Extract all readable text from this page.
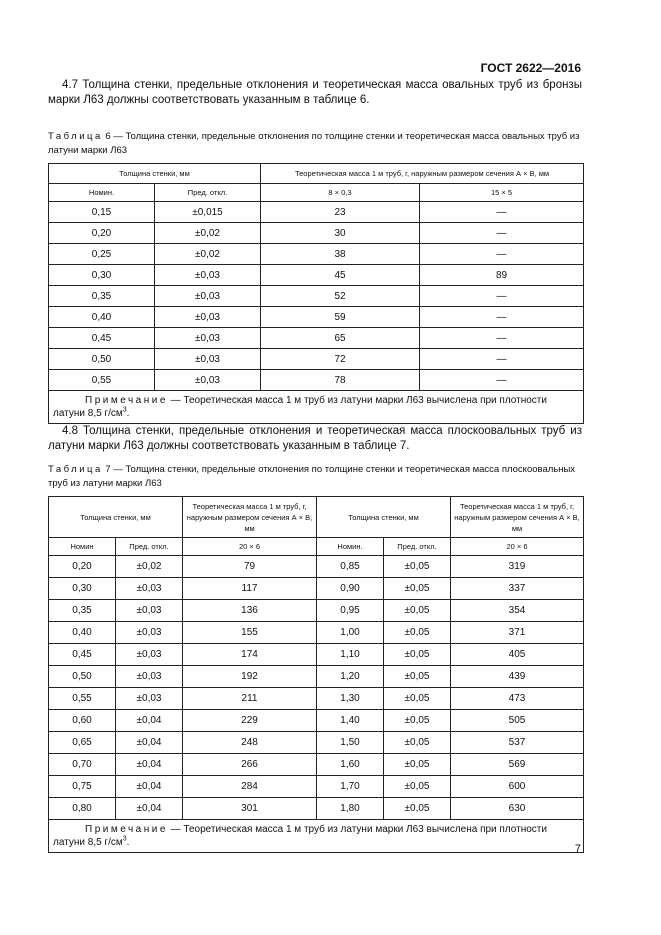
ГОСТ 2622—2016

4.7 Толщина стенки, предельные отклонения и теоретическая масса овальных труб из бронзы марки Л63 должны соответствовать указанным в таблице 6.

Таблица 6 — Толщина стенки, предельные отклонения по толщине стенки и теоретическая масса овальных труб из латуни марки Л63
Толщина стенки, мм		Теоретическая масса 1 м труб, г, наружным размером сечения А × В, мм	
Номин.	Пред. откл.	8 × 0,3	15 × 5
0,15	±0,015	23	—
0,20	±0,02	30	—
0,25	±0,02	38	—
0,30	±0,03	45	89
0,35	±0,03	52	—
0,40	±0,03	59	—
0,45	±0,03	65	—
0,50	±0,03	72	—
0,55	±0,03	78	—
Примечание — Теоретическая масса 1 м труб из латуни марки Л63 вычислена при плотности латуни 8,5 $г/см^3$.			

4.8 Толщина стенки, предельные отклонения и теоретическая масса плоскоовальных труб из латуни марки Л63 должны соответствовать указанным в таблице 7.

Таблица 7 — Толщина стенки, предельные отклонения по толщине стенки и теоретическая масса плоскоовальных труб из латуни марки Л63
Толщина стенки, мм		Теоретическая масса 1 м труб, г, наружным размером сечения А × В, мм	Толщина стенки, мм		Теоретическая масса 1 м труб, г, наружным размером сечения А × В, мм
Номин	Пред. откл.	20 × 6	Номин.	Пред. откл.	20 × 6
0,20	±0,02	79	0,85	±0,05	319
0,30	±0,03	117	0,90	±0,05	337
0,35	±0,03	136	0,95	±0,05	354
0,40	±0,03	155	1,00	±0,05	371
0,45	±0,03	174	1,10	±0,05	405
0,50	±0,03	192	1,20	±0,05	439
0,55	±0,03	211	1,30	±0,05	473
0,60	±0,04	229	1,40	±0,05	505
0,65	±0,04	248	1,50	±0,05	537
0,70	±0,04	266	1,60	±0,05	569
0,75	±0,04	284	1,70	±0,05	600
0,80	±0,04	301	1,80	±0,05	630
Примечание — Теоретическая масса 1 м труб из латуни марки Л63 вычислена при плотности латуни 8,5 $г/см^3$.					
7
